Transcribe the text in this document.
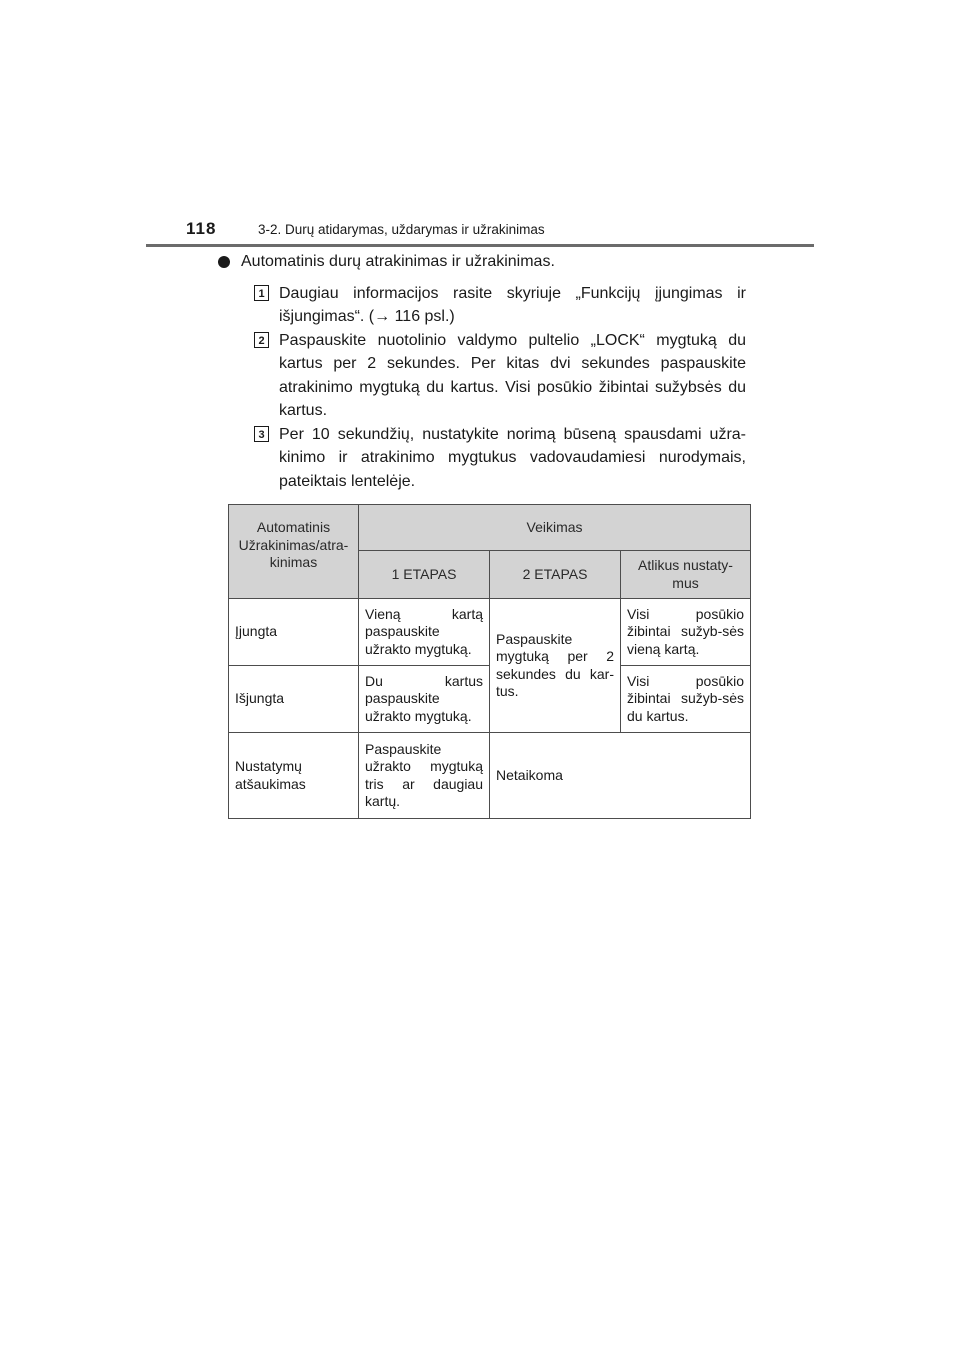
118	3-2. Durų atidarymas, uždarymas ir užrakinimas
Automatinis durų atrakinimas ir užrakinimas.
1 Daugiau informacijos rasite skyriuje „Funkcijų įjungimas ir išjungimas“. (→ 116 psl.)
2 Paspauskite nuotolinio valdymo pultelio „LOCK“ mygtuką du kartus per 2 sekundes. Per kitas dvi sekundes paspauskite atrakinimo mygtuką du kartus. Visi posūkio žibintai sužybsės du kartus.
3 Per 10 sekundžių, nustatykite norimą būseną spausdami užra-kinimo ir atrakinimo mygtukus vadovaudamiesi nurodymais, pateiktais lentelėje.
Automatinis Užrakinimas/atra-kinimas	Veikimas		
	1 ETAPAS	2 ETAPAS	Atlikus nustaty-mus
Įjungta	Vieną kartą paspauskite užrakto mygtuką.	Paspauskite mygtuką per 2 sekundes du kar-tus.	Visi posūkio žibintai sužyb-sės vieną kartą.
Išjungta	Du kartus paspauskite užrakto mygtuką.		Visi posūkio žibintai sužyb-sės du kartus.
Nustatymų atšaukimas	Paspauskite užrakto mygtuką tris ar daugiau kartų.	Netaikoma	
